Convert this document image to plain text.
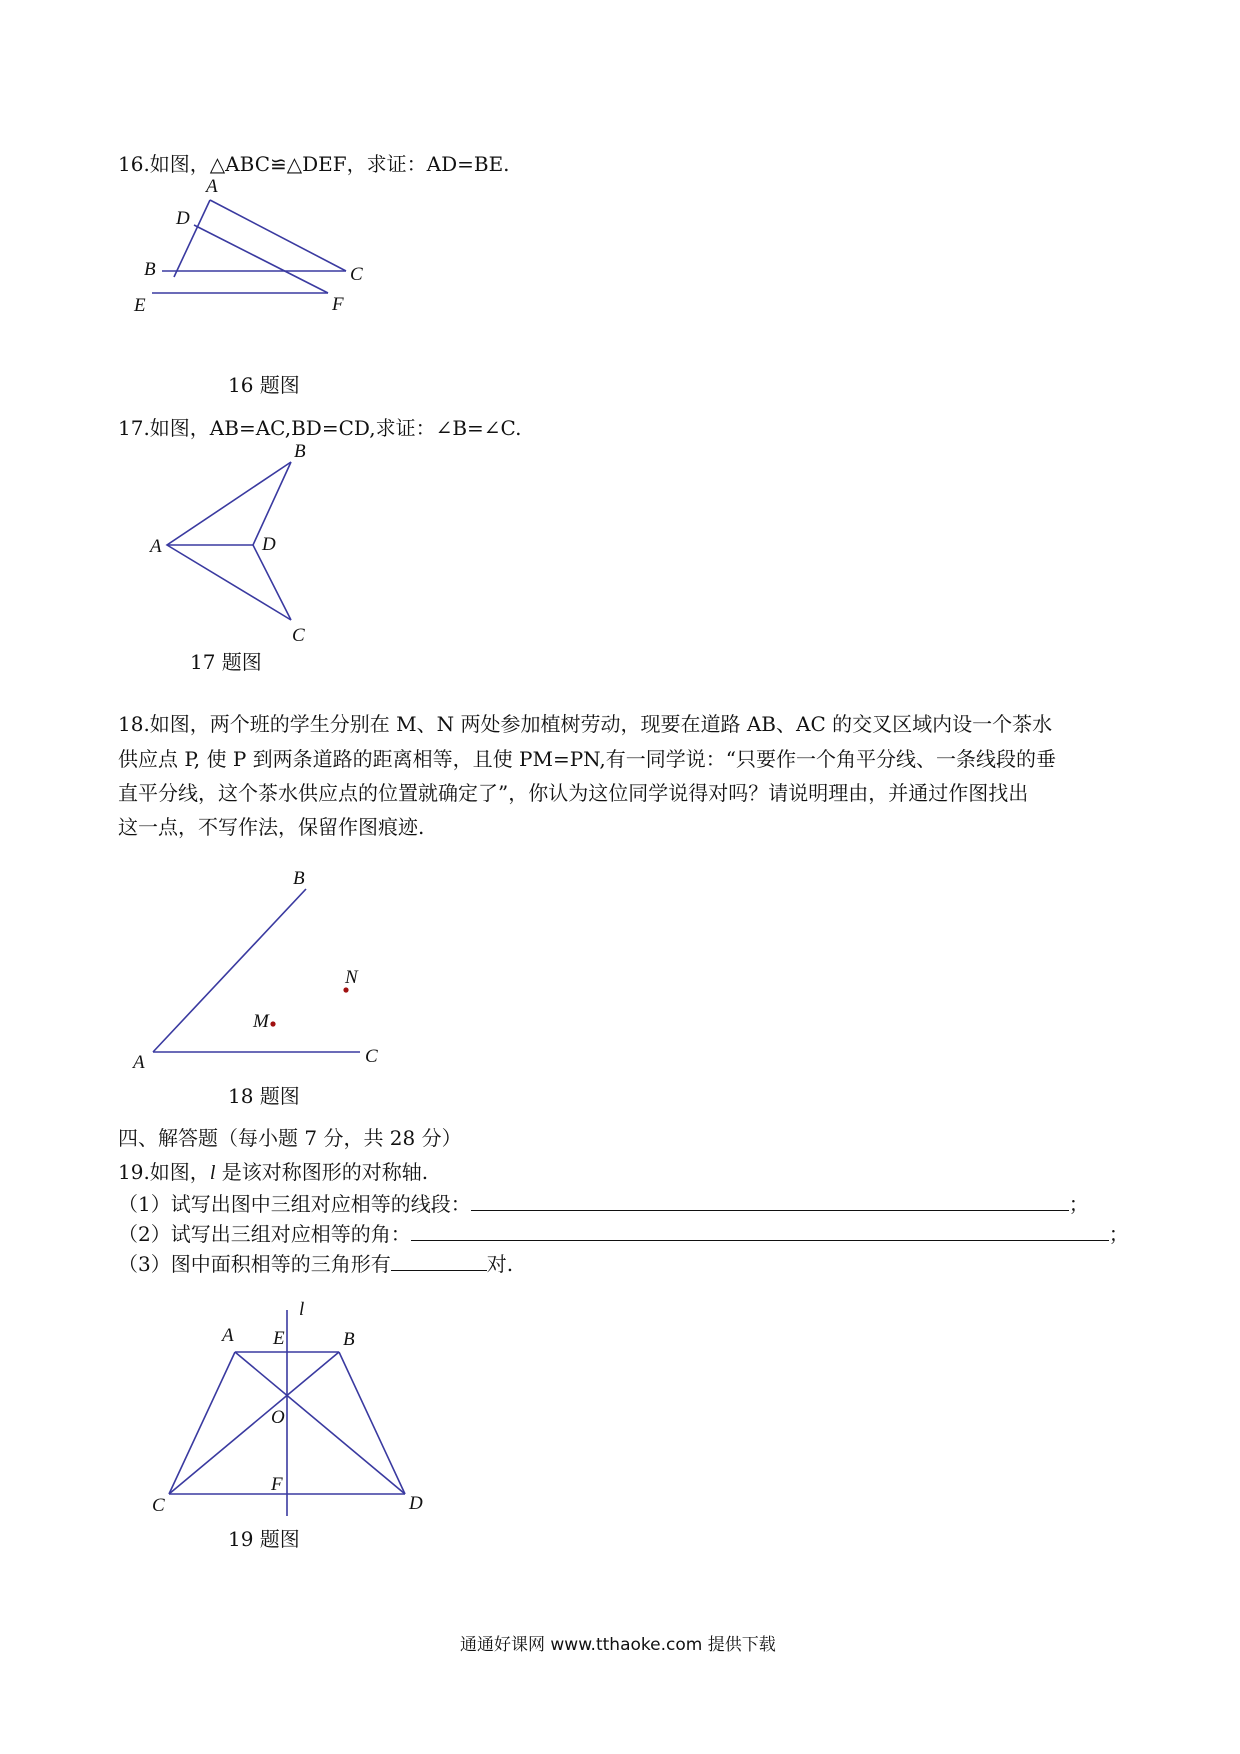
16.如图，△ABC≌△DEF，求证：AD=BE.
A
D
B	C
E	F
16 题图
17.如图，AB=AC,BD=CD,求证：∠B=∠C.
B
A	D
C
17 题图
18.如图，两个班的学生分别在 M、N 两处参加植树劳动，现要在道路 AB、AC 的交叉区域内设一个茶水
供应点 P, 使 P 到两条道路的距离相等，且使 PM=PN,有一同学说：“只要作一个角平分线、一条线段的垂
直平分线，这个茶水供应点的位置就确定了”，你认为这位同学说得对吗？请说明理由，并通过作图找出
这一点，不写作法，保留作图痕迹.
B
N
M
A	C
18 题图
四、解答题（每小题 7 分，共 28 分）
19.如图，l 是该对称图形的对称轴.
（1）试写出图中三组对应相等的线段：	；
（2）试写出三组对应相等的角：	；
（3）图中面积相等的三角形有	对.
l
A E	B
O
F
C	D
19 题图
通通好课网 www.tthaoke.com 提供下载
